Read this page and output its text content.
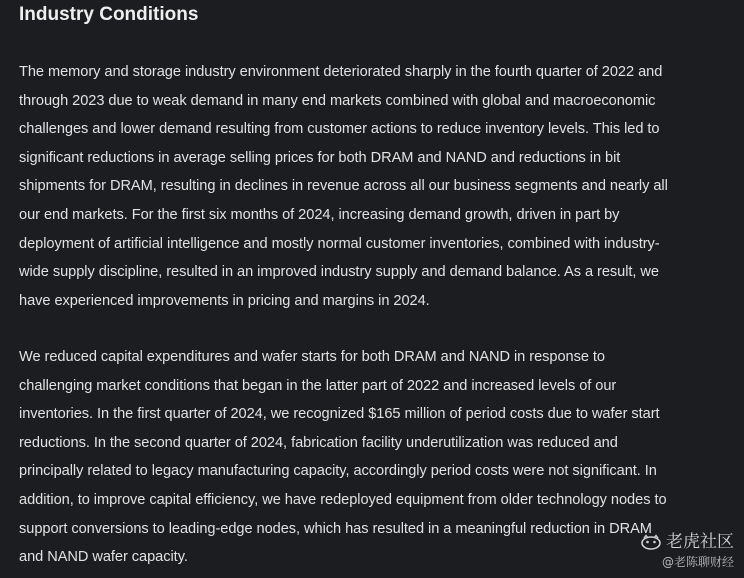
Industry Conditions
The memory and storage industry environment deteriorated sharply in the fourth quarter of 2022 and
through 2023 due to weak demand in many end markets combined with global and macroeconomic
challenges and lower demand resulting from customer actions to reduce inventory levels. This led to
significant reductions in average selling prices for both DRAM and NAND and reductions in bit
shipments for DRAM, resulting in declines in revenue across all our business segments and nearly all
our end markets. For the first six months of 2024, increasing demand growth, driven in part by
deployment of artificial intelligence and mostly normal customer inventories, combined with industry-
wide supply discipline, resulted in an improved industry supply and demand balance. As a result, we
have experienced improvements in pricing and margins in 2024.
We reduced capital expenditures and wafer starts for both DRAM and NAND in response to
challenging market conditions that began in the latter part of 2022 and increased levels of our
inventories. In the first quarter of 2024, we recognized $165 million of period costs due to wafer start
reductions. In the second quarter of 2024, fabrication facility underutilization was reduced and
principally related to legacy manufacturing capacity, accordingly period costs were not significant. In
addition, to improve capital efficiency, we have redeployed equipment from older technology nodes to
support conversions to leading-edge nodes, which has resulted in a meaningful reduction in DRAM
and NAND wafer capacity.
老虎社区
@老陈聊财经
